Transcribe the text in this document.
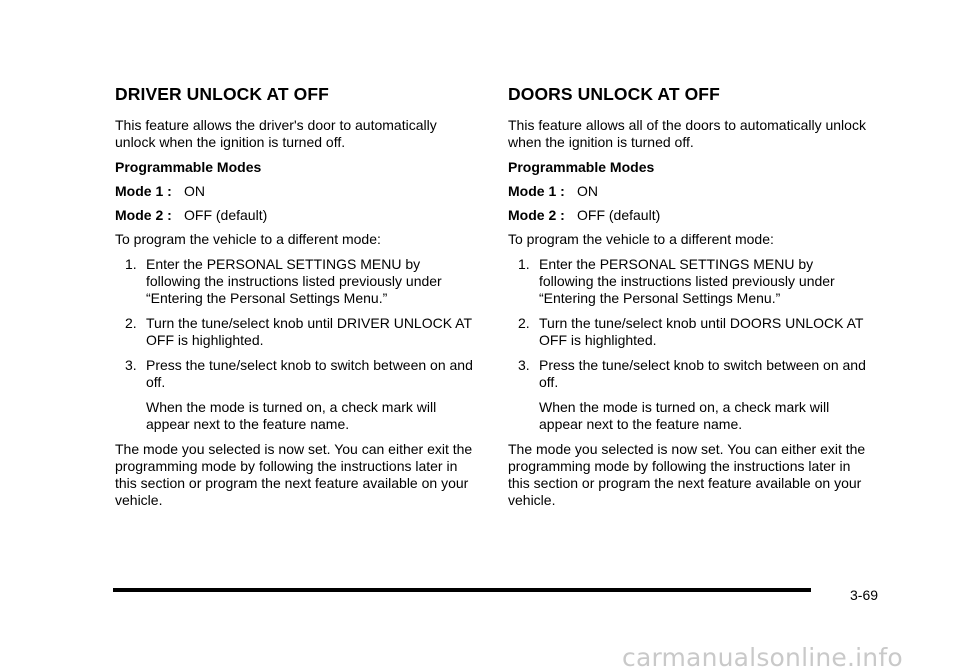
DRIVER UNLOCK AT OFF

This feature allows the driver's door to automatically unlock when the ignition is turned off.

Programmable Modes

Mode 1 : ON
Mode 2 : OFF (default)

To program the vehicle to a different mode:

1. Enter the PERSONAL SETTINGS MENU by following the instructions listed previously under “Entering the Personal Settings Menu.”
2. Turn the tune/select knob until DRIVER UNLOCK AT OFF is highlighted.
3. Press the tune/select knob to switch between on and off.
When the mode is turned on, a check mark will appear next to the feature name.

The mode you selected is now set. You can either exit the programming mode by following the instructions later in this section or program the next feature available on your vehicle.

DOORS UNLOCK AT OFF

This feature allows all of the doors to automatically unlock when the ignition is turned off.

Programmable Modes

Mode 1 : ON
Mode 2 : OFF (default)

To program the vehicle to a different mode:

1. Enter the PERSONAL SETTINGS MENU by following the instructions listed previously under “Entering the Personal Settings Menu.”
2. Turn the tune/select knob until DOORS UNLOCK AT OFF is highlighted.
3. Press the tune/select knob to switch between on and off.
When the mode is turned on, a check mark will appear next to the feature name.

The mode you selected is now set. You can either exit the programming mode by following the instructions later in this section or program the next feature available on your vehicle.

3-69
carmanualsonline.info
